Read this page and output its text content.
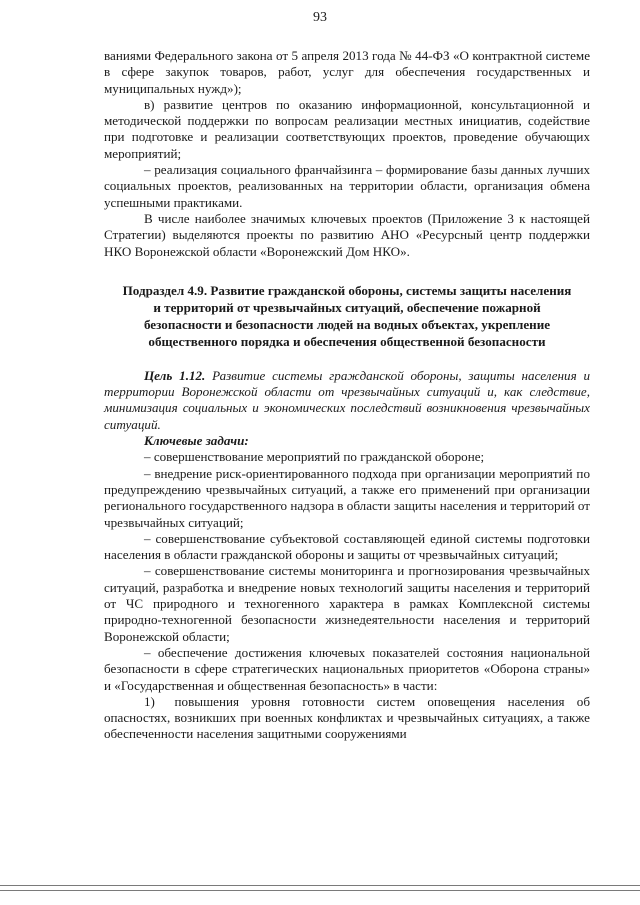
93

ваниями Федерального закона от 5 апреля 2013 года № 44-ФЗ «О контрактной системе в сфере закупок товаров, работ, услуг для обеспечения государственных и муниципальных нужд»);

в) развитие центров по оказанию информационной, консультационной и методической поддержки по вопросам реализации местных инициатив, содействие при подготовке и реализации соответствующих проектов, проведение обучающих мероприятий;

– реализация социального франчайзинга – формирование базы данных лучших социальных проектов, реализованных на территории области, организация обмена успешными практиками.

В числе наиболее значимых ключевых проектов (Приложение 3 к настоящей Стратегии) выделяются проекты по развитию АНО «Ресурсный центр поддержки НКО Воронежской области «Воронежский Дом НКО».

Подраздел 4.9. Развитие гражданской обороны, системы защиты населения и территорий от чрезвычайных ситуаций, обеспечение пожарной безопасности и безопасности людей на водных объектах, укрепление общественного порядка и обеспечения общественной безопасности

Цель 1.12. Развитие системы гражданской обороны, защиты населения и территории Воронежской области от чрезвычайных ситуаций и, как следствие, минимизация социальных и экономических последствий возникновения чрезвычайных ситуаций.

Ключевые задачи:

– совершенствование мероприятий по гражданской обороне;

– внедрение риск-ориентированного подхода при организации мероприятий по предупреждению чрезвычайных ситуаций, а также его применений при организации регионального государственного надзора в области защиты населения и территорий от чрезвычайных ситуаций;

– совершенствование субъектовой составляющей единой системы подготовки населения в области гражданской обороны и защиты от чрезвычайных ситуаций;

– совершенствование системы мониторинга и прогнозирования чрезвычайных ситуаций, разработка и внедрение новых технологий защиты населения и территорий от ЧС природного и техногенного характера в рамках Комплексной системы природно-техногенной безопасности жизнедеятельности населения и территорий Воронежской области;

– обеспечение достижения ключевых показателей состояния национальной безопасности в сфере стратегических национальных приоритетов «Оборона страны» и «Государственная и общественная безопасность» в части:

1)  повышения уровня готовности систем оповещения населения об опасностях, возникших при военных конфликтах и чрезвычайных ситуациях, а также обеспеченности населения защитными сооружениями
